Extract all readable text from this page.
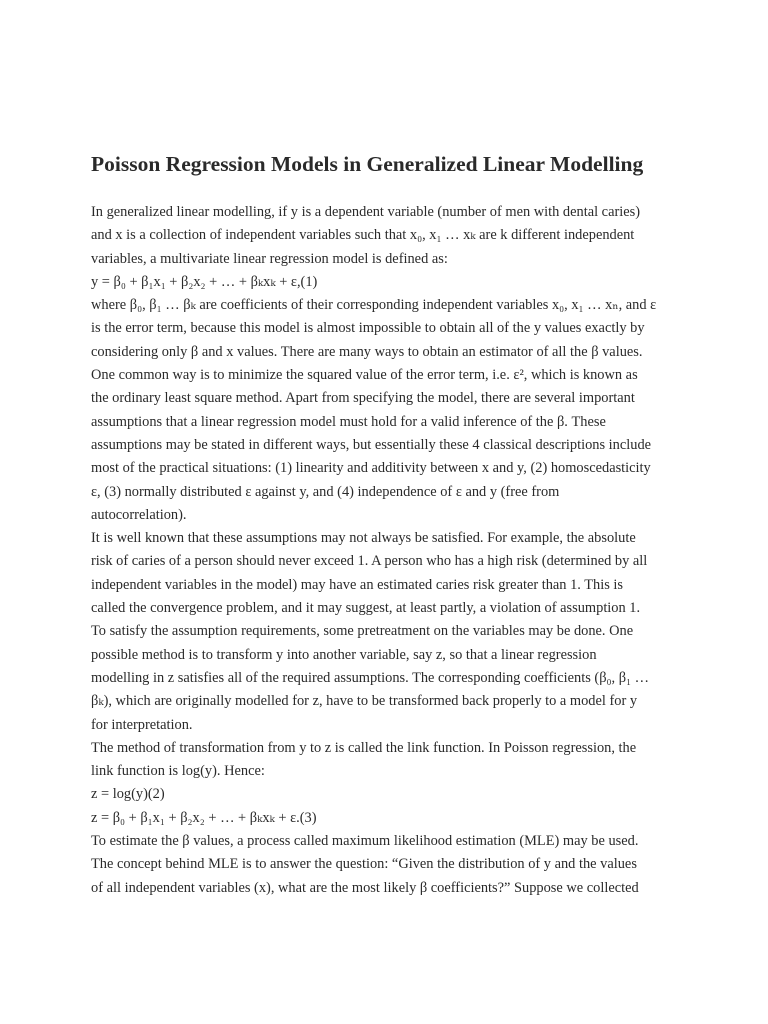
Poisson Regression Models in Generalized Linear Modelling
In generalized linear modelling, if y is a dependent variable (number of men with dental caries)
and x is a collection of independent variables such that x₀, x₁ … xₖ are k different independent
variables, a multivariate linear regression model is defined as:
y = β₀ + β₁x₁ + β₂x₂ + … + βₖxₖ + ε,(1)
where β₀, β₁ … βₖ are coefficients of their corresponding independent variables x₀, x₁ … xₙ, and ε
is the error term, because this model is almost impossible to obtain all of the y values exactly by
considering only β and x values. There are many ways to obtain an estimator of all the β values.
One common way is to minimize the squared value of the error term, i.e. ε², which is known as
the ordinary least square method. Apart from specifying the model, there are several important
assumptions that a linear regression model must hold for a valid inference of the β. These
assumptions may be stated in different ways, but essentially these 4 classical descriptions include
most of the practical situations: (1) linearity and additivity between x and y, (2) homoscedasticity
ε, (3) normally distributed ε against y, and (4) independence of ε and y (free from
autocorrelation).
It is well known that these assumptions may not always be satisfied. For example, the absolute
risk of caries of a person should never exceed 1. A person who has a high risk (determined by all
independent variables in the model) may have an estimated caries risk greater than 1. This is
called the convergence problem, and it may suggest, at least partly, a violation of assumption 1.
To satisfy the assumption requirements, some pretreatment on the variables may be done. One
possible method is to transform y into another variable, say z, so that a linear regression
modelling in z satisfies all of the required assumptions. The corresponding coefficients (β₀, β₁ …
βₖ), which are originally modelled for z, have to be transformed back properly to a model for y
for interpretation.
The method of transformation from y to z is called the link function. In Poisson regression, the
link function is log(y). Hence:
z = log(y)(2)
z = β₀ + β₁x₁ + β₂x₂ + … + βₖxₖ + ε.(3)
To estimate the β values, a process called maximum likelihood estimation (MLE) may be used.
The concept behind MLE is to answer the question: “Given the distribution of y and the values
of all independent variables (x), what are the most likely β coefficients?” Suppose we collected
